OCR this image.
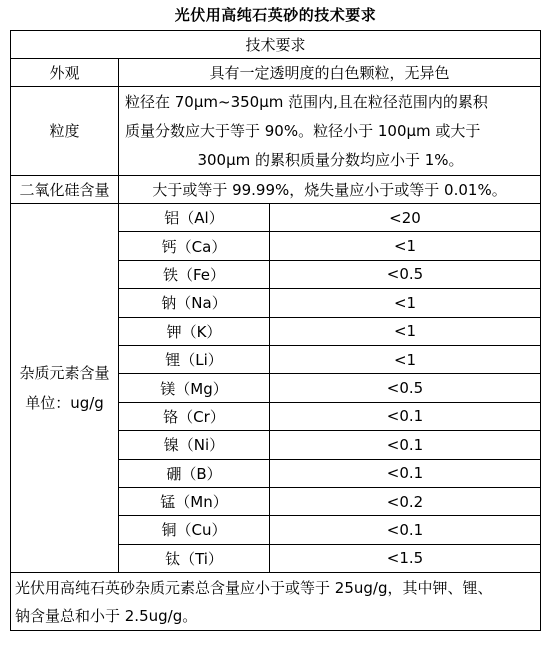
光伏用高纯石英砂的技术要求
技术要求		
外观	具有一定透明度的白色颗粒，无异色	
粒度	粒径在 70μm~350μm 范围内,且在粒径范围内的累积
质量分数应大于等于 90%。粒径小于 100μm 或大于
300μm 的累积质量分数均应小于 1%。	

二氧化硅含量	大于或等于 99.99%，烧失量应小于或等于 0.01%。	

杂质元素含量
单位：ug/g	铝（Al）	<20
	钙（Ca）	<1
	铁（Fe）	<0.5
	钠（Na）	<1
	钾（K）	<1
	锂（Li）	<1
	镁（Mg）	<0.5
	铬（Cr）	<0.1
	镍（Ni）	<0.1
	硼（B）	<0.1
	锰（Mn）	<0.2
	铜（Cu）	<0.1
	钛（Ti）	<1.5

光伏用高纯石英砂杂质元素总含量应小于或等于 25ug/g，其中钾、锂、
钠含量总和小于 2.5ug/g。		
